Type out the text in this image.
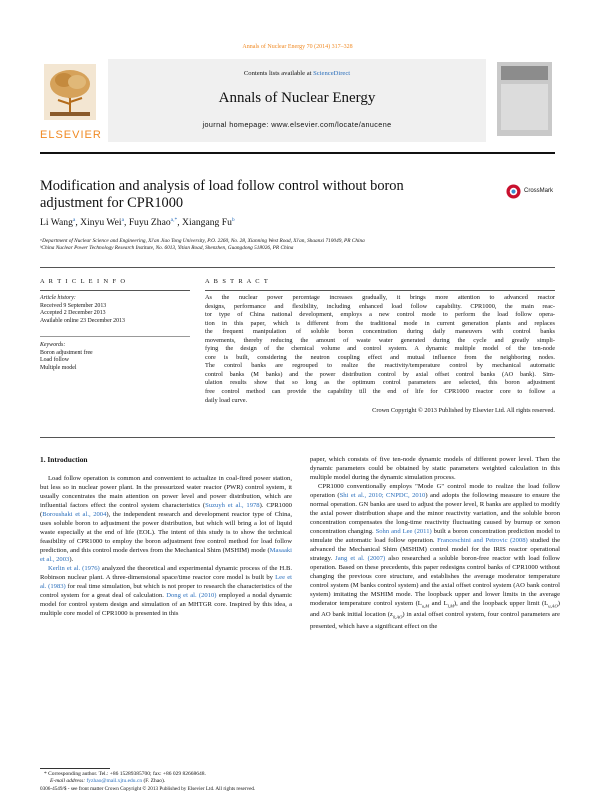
Annals of Nuclear Energy 70 (2014) 317–328
ELSEVIER
Contents lists available at ScienceDirect
Annals of Nuclear Energy
journal homepage: www.elsevier.com/locate/anucene
Modification and analysis of load follow control without boron
adjustment for CPR1000
CrossMark
Li Wang$^a$, Xinyu Wei$^a$, Fuyu Zhao$^{a,*}$, Xiangang Fu$^b$
ᵃDepartment of Nuclear Science and Engineering, Xi'an Jiao Tong University, P.O. 2260, No. 28, Xianning West Road, Xi'an, Shaanxi 710049, PR China
ᵇChina Nuclear Power Technology Research Institute, No. 6013, Yitian Road, Shenzhen, Guangdong 518026, PR China
A R T I C L E I N F O
Article history:
Received 9 September 2013
Accepted 2 December 2013
Available online 23 December 2013
Keywords:
Boron adjustment free
Load follow
Multiple model
A B S T R A C T
As the nuclear power percentage increases gradually, it brings more attention to advanced reactor
designs, performance and flexibility, including enhanced load follow capability. CPR1000, the main reac-
tor type of China national development, employs a new control mode to perform the load follow opera-
tion in this paper, which is different from the traditional mode in current generation plants and replaces
the frequent manipulation of soluble boron concentration during daily maneuvers with control banks
movements, thereby reducing the amount of waste water generated during the cycle and greatly simpli-
fying the design of the chemical volume and control system. A dynamic multiple model of the ten-node
core is built, considering the neutron coupling effect and mutual influence from the neighboring nodes.
The control banks are regrouped to realize the reactivity/temperature control by mechanical automatic
control banks (M banks) and the power distribution control by axial offset control banks (AO bank). Sim-
ulation results show that so long as the optimum control parameters are selected, this boron adjustment
free control method can provide the capability till the end of life for CPR1000 reactor core to follow a
daily load curve.
Crown Copyright © 2013 Published by Elsevier Ltd. All rights reserved.
1. Introduction

Load follow operation is common and convenient to actualize in coal-fired power station, but less so in nuclear power plant. In the pressurized water reactor (PWR) control system, it usually concentrates the main attention on power level and power distribution, which are influential factors effect the control system characteristics (Suzuyh et al., 1978). CPR1000 (Boroushaki et al., 2004), the independent research and development reactor type of China, uses soluble boron to adjustment the power distribution, but which will bring a lot of liquid waste especially at the end of life (EOL). The intent of this study is to show the technical feasibility of CPR1000 to employ the boron adjustment free control method for load follow prediction, and this control mode derives from the Mechanical Shim (MSHIM) mode (Masaaki et al., 2003).

Kerlin et al. (1976) analyzed the theoretical and experimental dynamic process of the H.B. Robinson nuclear plant. A three-dimensional space/time reactor core model is built by Lee et al. (1983) for real time simulation, but which is not proper to research the characteristics of the control system for a great deal of calculation. Dong et al. (2010) employed a nodal dynamic model for control system design and simulation of an MHTGR core. Inspired by this idea, a multiple core model of CPR1000 is presented in this

paper, which consists of five ten-node dynamic models of different power level. Then the dynamic parameters could be obtained by static parameters weighted calculation in this multiple model during the dynamic simulation process.

CPR1000 conventionally employs "Mode G" control mode to realize the load follow operation (Shi et al., 2010; CNPDC, 2010) and adopts the following measure to ensure the normal operation. GN banks are used to adjust the power level, R banks are applied to modify the axial power distribution shape and the minor reactivity variation, and the soluble boron concentration compensates the long-time reactivity fluctuating caused by burnup or xenon concentration changing. Sohn and Lee (2011) built a boron concentration prediction model to simulate the automatic load follow operation. Franceschini and Petrovic (2008) studied the advanced the Mechanical Shim (MSHIM) control model for the IRIS reactor operational strategy. Jang et al. (2007) also researched a soluble boron-free reactor with load follow operation. Based on these precedents, this paper redesigns control banks of CPR1000 without changing the previous core structure, and establishes the average moderator temperature control system (M banks control system) and the axial offset control system (AO bank control system) imitating the MSHIM mode. The loopback upper and lower limits in the average moderator temperature control system ($L_{u,M}$ and $L_{l,M}$), and the loopback upper limit $(L_{u,AO})$ and AO bank initial location $(z_{0,AO})$ in axial offset control system, four control parameters are presented, which have a significant effect on the

* Corresponding author. Tel.: +86 15289385700; fax: +86 029 82668648.
E-mail address: fyzhao@mail.xjtu.edu.cn (F. Zhao).
0306-4549/$ - see front matter Crown Copyright © 2013 Published by Elsevier Ltd. All rights reserved.
